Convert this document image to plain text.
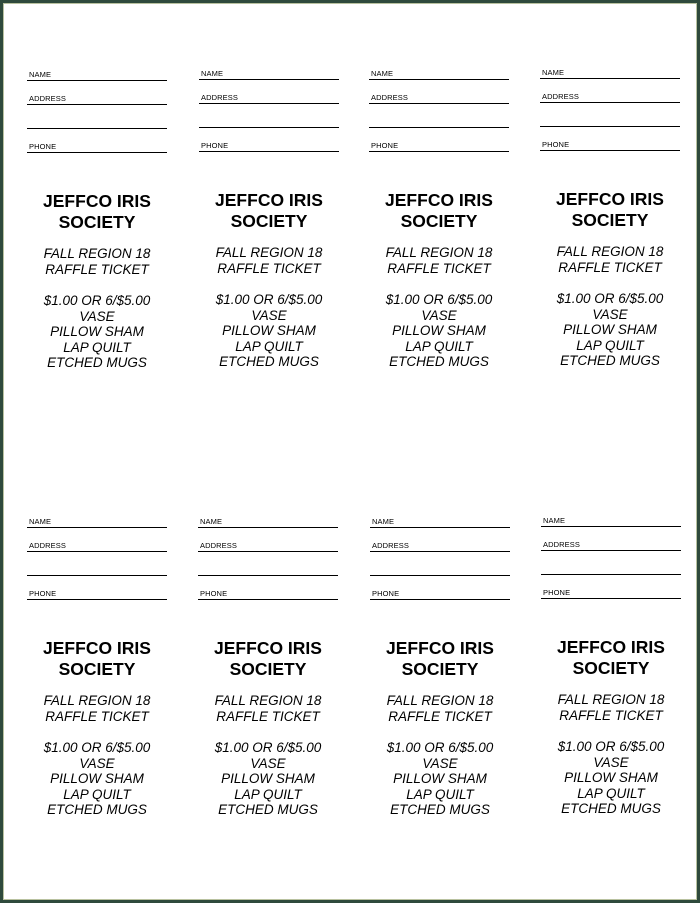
NAME
ADDRESS
PHONE
JEFFCO IRIS
SOCIETY
FALL REGION 18
RAFFLE TICKET
$1.00 OR 6/$5.00
VASE
PILLOW SHAM
LAP QUILT
ETCHED MUGS
NAME
ADDRESS
PHONE
JEFFCO IRIS
SOCIETY
FALL REGION 18
RAFFLE TICKET
$1.00 OR 6/$5.00
VASE
PILLOW SHAM
LAP QUILT
ETCHED MUGS
NAME
ADDRESS
PHONE
JEFFCO IRIS
SOCIETY
FALL REGION 18
RAFFLE TICKET
$1.00 OR 6/$5.00
VASE
PILLOW SHAM
LAP QUILT
ETCHED MUGS
NAME
ADDRESS
PHONE
JEFFCO IRIS
SOCIETY
FALL REGION 18
RAFFLE TICKET
$1.00 OR 6/$5.00
VASE
PILLOW SHAM
LAP QUILT
ETCHED MUGS
NAME
ADDRESS
PHONE
JEFFCO IRIS
SOCIETY
FALL REGION 18
RAFFLE TICKET
$1.00 OR 6/$5.00
VASE
PILLOW SHAM
LAP QUILT
ETCHED MUGS
NAME
ADDRESS
PHONE
JEFFCO IRIS
SOCIETY
FALL REGION 18
RAFFLE TICKET
$1.00 OR 6/$5.00
VASE
PILLOW SHAM
LAP QUILT
ETCHED MUGS
NAME
ADDRESS
PHONE
JEFFCO IRIS
SOCIETY
FALL REGION 18
RAFFLE TICKET
$1.00 OR 6/$5.00
VASE
PILLOW SHAM
LAP QUILT
ETCHED MUGS
NAME
ADDRESS
PHONE
JEFFCO IRIS
SOCIETY
FALL REGION 18
RAFFLE TICKET
$1.00 OR 6/$5.00
VASE
PILLOW SHAM
LAP QUILT
ETCHED MUGS
